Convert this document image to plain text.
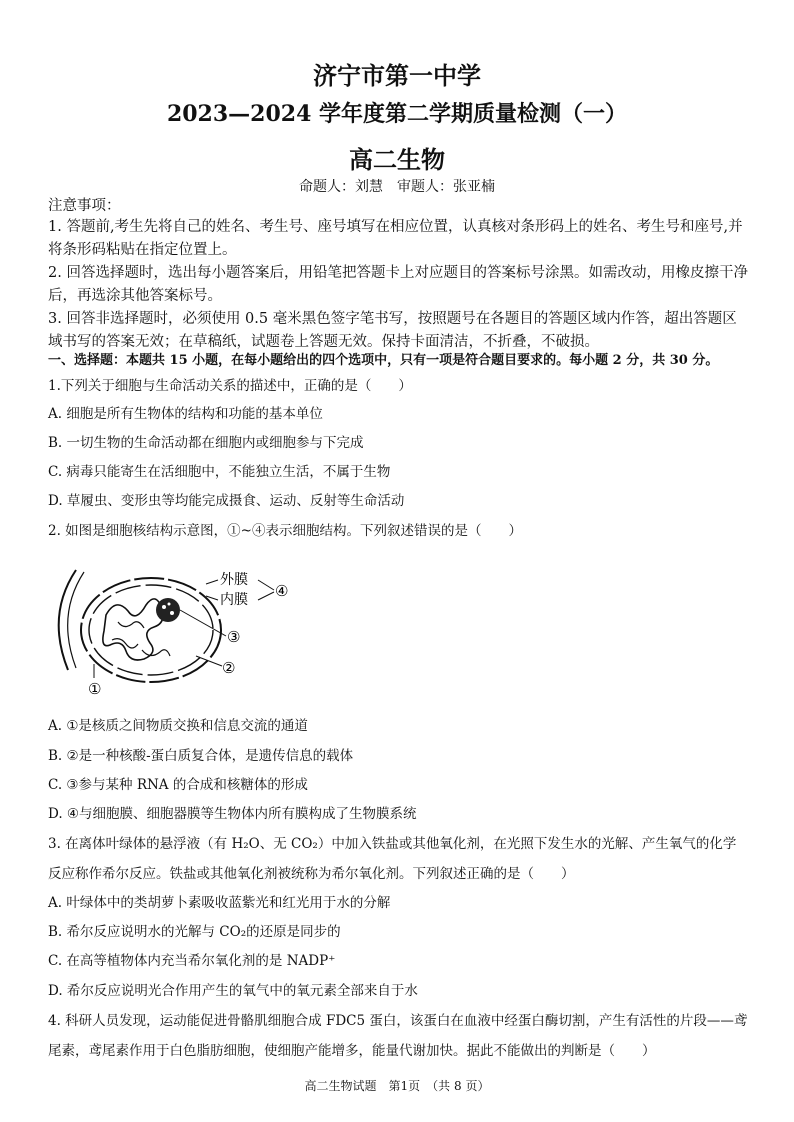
济宁市第一中学
2023—2024 学年度第二学期质量检测（一）
高二生物
命题人：刘慧　审题人：张亚楠
注意事项：
1. 答题前,考生先将自己的姓名、考生号、座号填写在相应位置，认真核对条形码上的姓名、考生号和座号,并将条形码粘贴在指定位置上。
2. 回答选择题时，选出每小题答案后，用铅笔把答题卡上对应题目的答案标号涂黑。如需改动，用橡皮擦干净后，再选涂其他答案标号。
3. 回答非选择题时，必须使用 0.5 毫米黑色签字笔书写，按照题号在各题目的答题区域内作答，超出答题区域书写的答案无效；在草稿纸，试题卷上答题无效。保持卡面清洁，不折叠，不破损。
一、选择题：本题共 15 小题，在每小题给出的四个选项中，只有一项是符合题目要求的。每小题 2 分，共 30 分。
1.下列关于细胞与生命活动关系的描述中，正确的是（　　）
A. 细胞是所有生物体的结构和功能的基本单位
B. 一切生物的生命活动都在细胞内或细胞参与下完成
C. 病毒只能寄生在活细胞中，不能独立生活，不属于生物
D. 草履虫、变形虫等均能完成摄食、运动、反射等生命活动
2. 如图是细胞核结构示意图，①~④表示细胞结构。下列叙述错误的是（　　）
外膜
内膜 ④
③
②
①
A. ①是核质之间物质交换和信息交流的通道
B. ②是一种核酸-蛋白质复合体，是遗传信息的载体
C. ③参与某种 RNA 的合成和核糖体的形成
D. ④与细胞膜、细胞器膜等生物体内所有膜构成了生物膜系统
3. 在离体叶绿体的悬浮液（有 H₂O、无 CO₂）中加入铁盐或其他氧化剂，在光照下发生水的光解、产生氧气的化学反应称作希尔反应。铁盐或其他氧化剂被统称为希尔氧化剂。下列叙述正确的是（　　）
A. 叶绿体中的类胡萝卜素吸收蓝紫光和红光用于水的分解
B. 希尔反应说明水的光解与 CO₂的还原是同步的
C. 在高等植物体内充当希尔氧化剂的是 NADP⁺
D. 希尔反应说明光合作用产生的氧气中的氧元素全部来自于水
4. 科研人员发现，运动能促进骨骼肌细胞合成 FDC5 蛋白，该蛋白在血液中经蛋白酶切割，产生有活性的片段——鸢尾素，鸢尾素作用于白色脂肪细胞，使细胞产能增多，能量代谢加快。据此不能做出的判断是（　　）
高二生物试题　第1页　（共 8 页）
